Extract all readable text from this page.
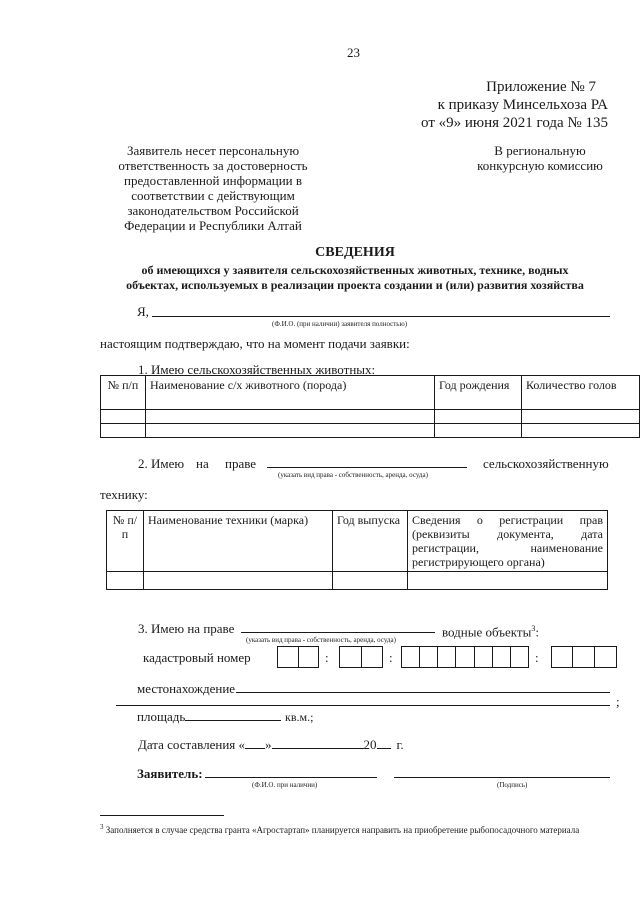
23
Приложение № 7
к приказу Минсельхоза РА
от «9» июня 2021 года № 135
Заявитель несет персональную
ответственность за достоверность
предоставленной информации в
соответствии с действующим
законодательством Российской
Федерации и Республики Алтай
В региональную
конкурсную комиссию
СВЕДЕНИЯ
об имеющихся у заявителя сельскохозяйственных животных, технике, водных
объектах, используемых в реализации проекта создании и (или) развития хозяйства
Я,
(Ф.И.О. (при наличии) заявителя полностью)
настоящим подтверждаю, что на момент подачи заявки:
1. Имею сельскохозяйственных животных:
№ п/п	Наименование с/х животного (порода)	Год рождения	Количество голов

2. Имею на праве	сельскохозяйственную
(указать вид права - собственность, аренда, осуда)
технику:
№ п/п	Наименование техники (марка)	Год выпуска	Сведения о регистрации прав (реквизиты документа, дата регистрации, наименование регистрирующего органа)

3. Имею на праве	водные объекты$^3$:
(указать вид права - собственность, аренда, осуда)
кадастровый номер	:	:	:
местонахождение
;
площадь	кв.м.;
Дата составления « »	20 г.
Заявитель:
(Ф.И.О. при наличии)	(Подпись)
$^3$ Заполняется в случае средства гранта «Агростартап» планируется направить на приобретение рыбопосадочного материала
